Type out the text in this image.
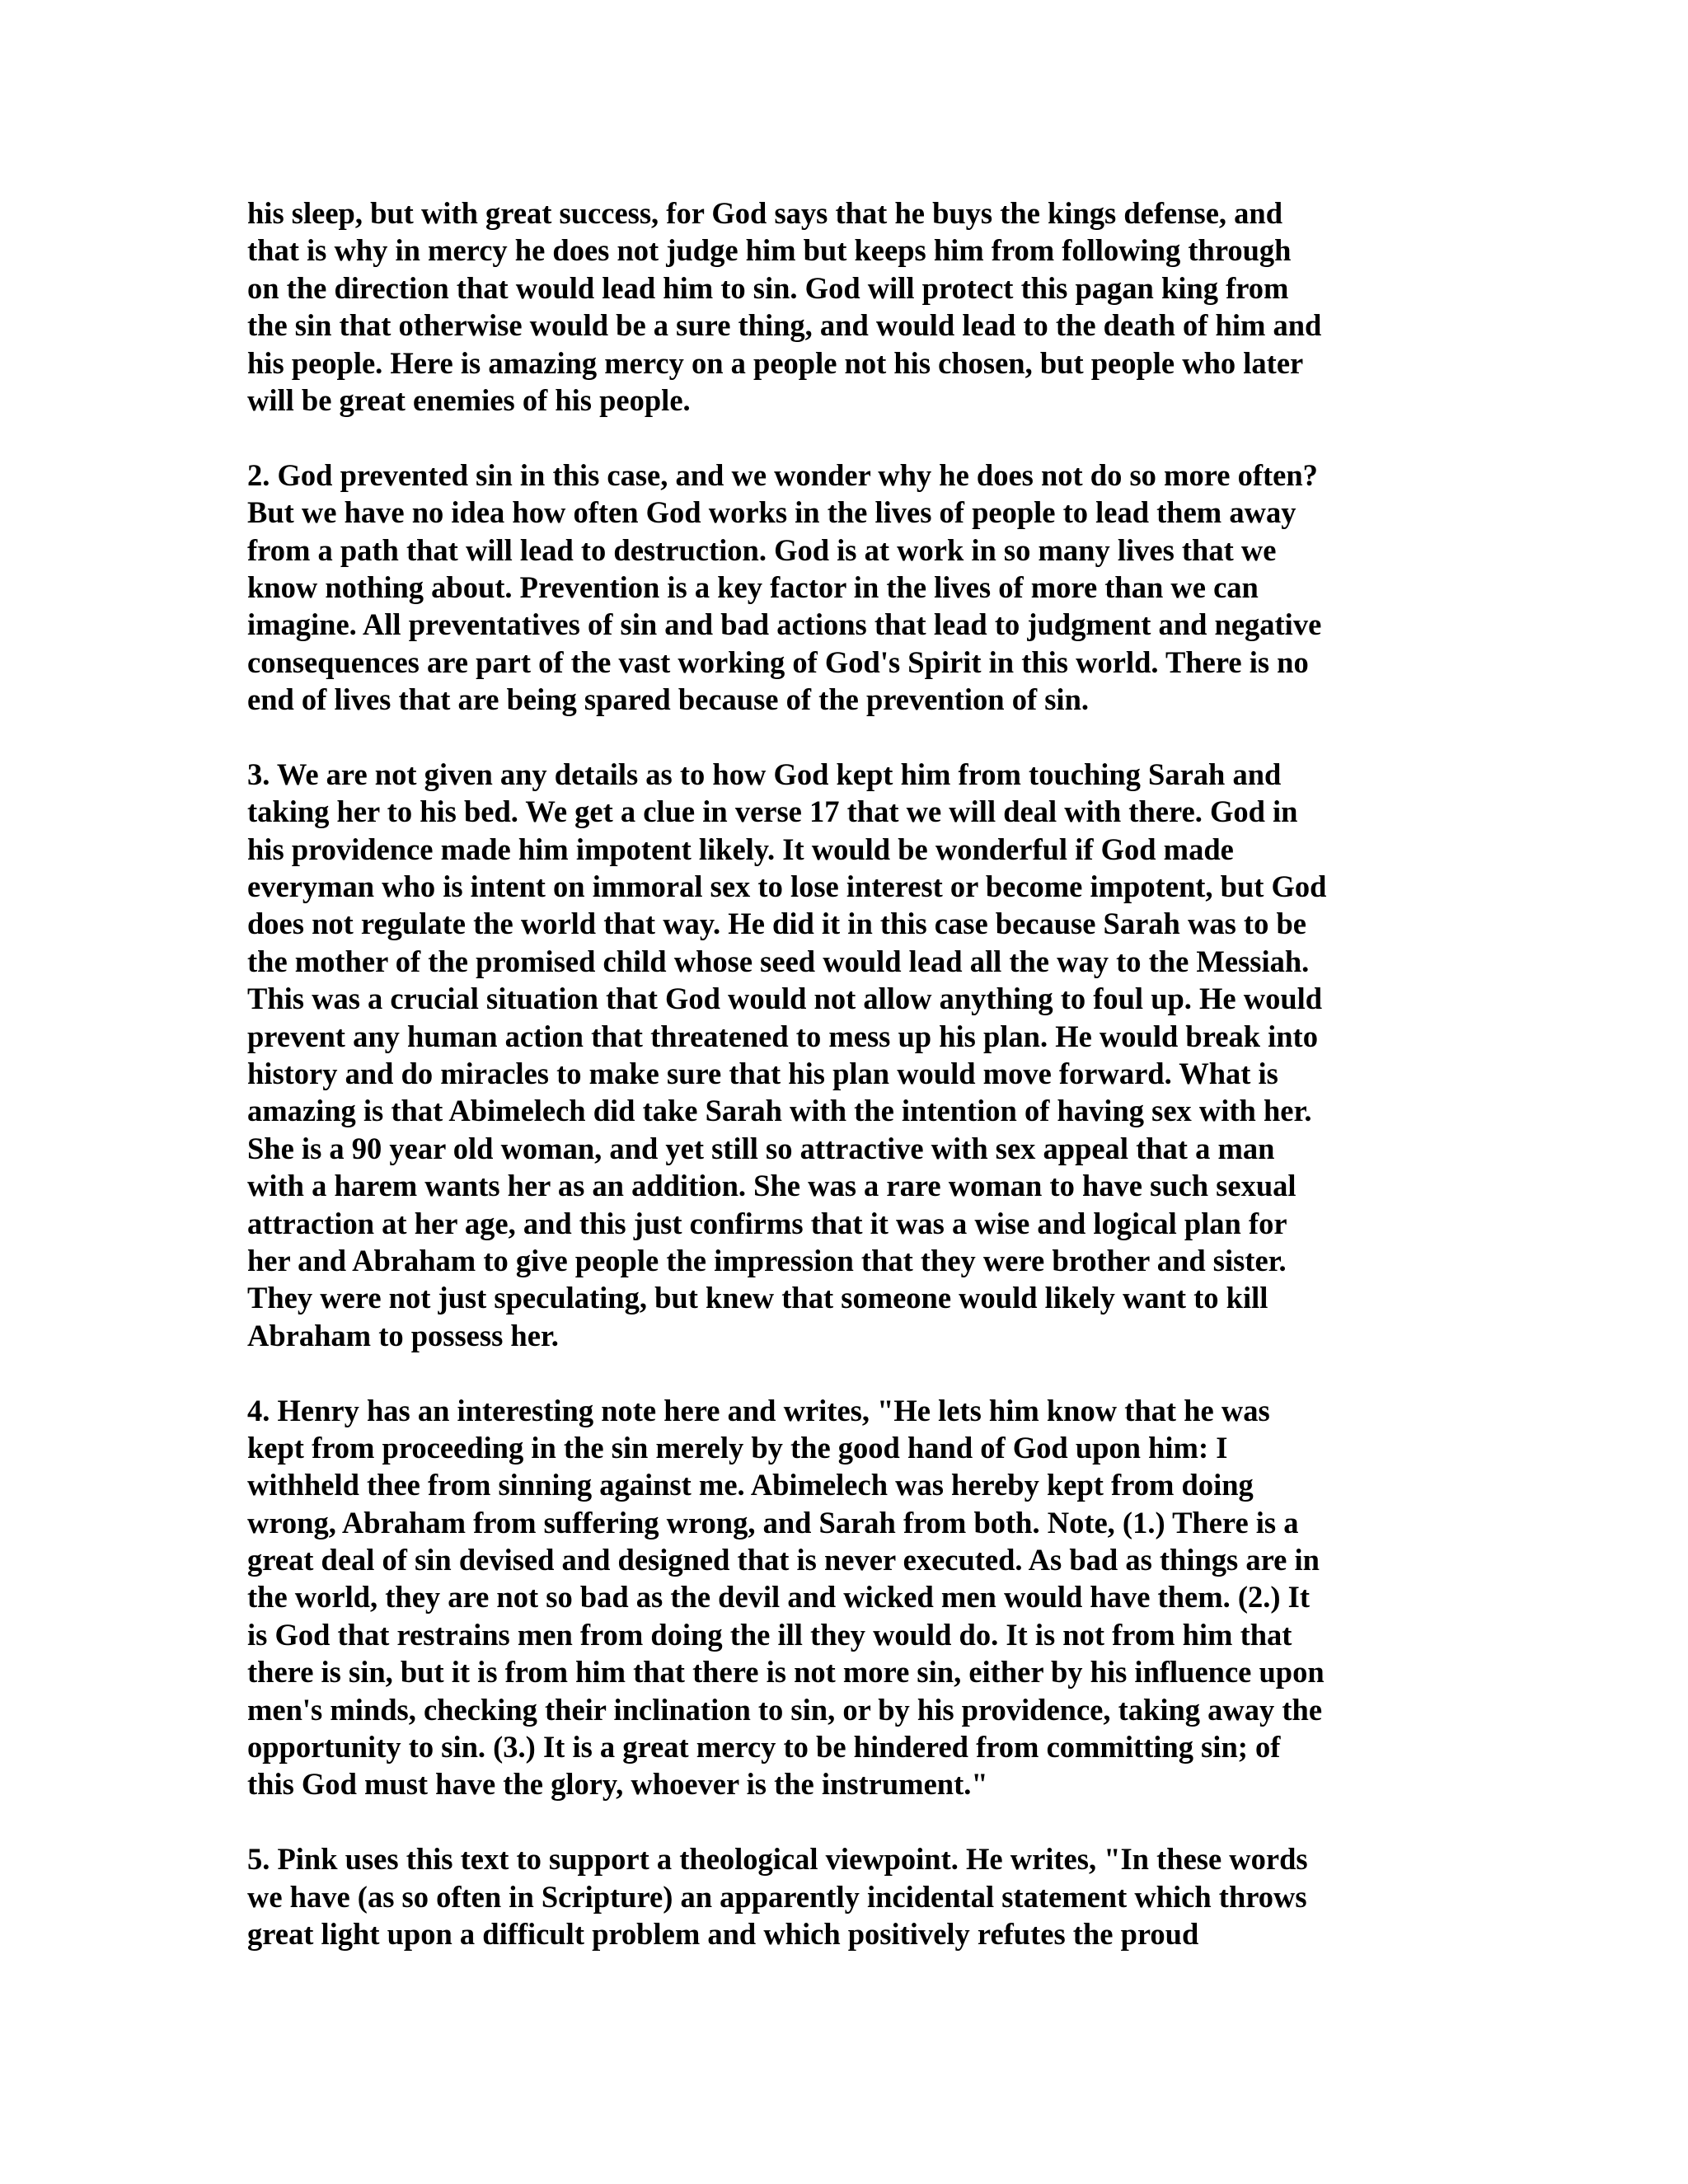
his sleep, but with great success, for God says that he buys the kings defense, and
that is why in mercy he does not judge him but keeps him from following through
on the direction that would lead him to sin. God will protect this pagan king from
the sin that otherwise would be a sure thing, and would lead to the death of him and
his people. Here is amazing mercy on a people not his chosen, but people who later
will be great enemies of his people.
2. God prevented sin in this case, and we wonder why he does not do so more often?
But we have no idea how often God works in the lives of people to lead them away
from a path that will lead to destruction. God is at work in so many lives that we
know nothing about. Prevention is a key factor in the lives of more than we can
imagine. All preventatives of sin and bad actions that lead to judgment and negative
consequences are part of the vast working of God's Spirit in this world. There is no
end of lives that are being spared because of the prevention of sin.
3. We are not given any details as to how God kept him from touching Sarah and
taking her to his bed. We get a clue in verse 17 that we will deal with there. God in
his providence made him impotent likely. It would be wonderful if God made
everyman who is intent on immoral sex to lose interest or become impotent, but God
does not regulate the world that way. He did it in this case because Sarah was to be
the mother of the promised child whose seed would lead all the way to the Messiah.
This was a crucial situation that God would not allow anything to foul up. He would
prevent any human action that threatened to mess up his plan. He would break into
history and do miracles to make sure that his plan would move forward. What is
amazing is that Abimelech did take Sarah with the intention of having sex with her.
She is a 90 year old woman, and yet still so attractive with sex appeal that a man
with a harem wants her as an addition. She was a rare woman to have such sexual
attraction at her age, and this just confirms that it was a wise and logical plan for
her and Abraham to give people the impression that they were brother and sister.
They were not just speculating, but knew that someone would likely want to kill
Abraham to possess her.
4. Henry has an interesting note here and writes, "He lets him know that he was
kept from proceeding in the sin merely by the good hand of God upon him: I
withheld thee from sinning against me. Abimelech was hereby kept from doing
wrong, Abraham from suffering wrong, and Sarah from both. Note, (1.) There is a
great deal of sin devised and designed that is never executed. As bad as things are in
the world, they are not so bad as the devil and wicked men would have them. (2.) It
is God that restrains men from doing the ill they would do. It is not from him that
there is sin, but it is from him that there is not more sin, either by his influence upon
men's minds, checking their inclination to sin, or by his providence, taking away the
opportunity to sin. (3.) It is a great mercy to be hindered from committing sin; of
this God must have the glory, whoever is the instrument."
5. Pink uses this text to support a theological viewpoint. He writes, "In these words
we have (as so often in Scripture) an apparently incidental statement which throws
great light upon a difficult problem and which positively refutes the proud
